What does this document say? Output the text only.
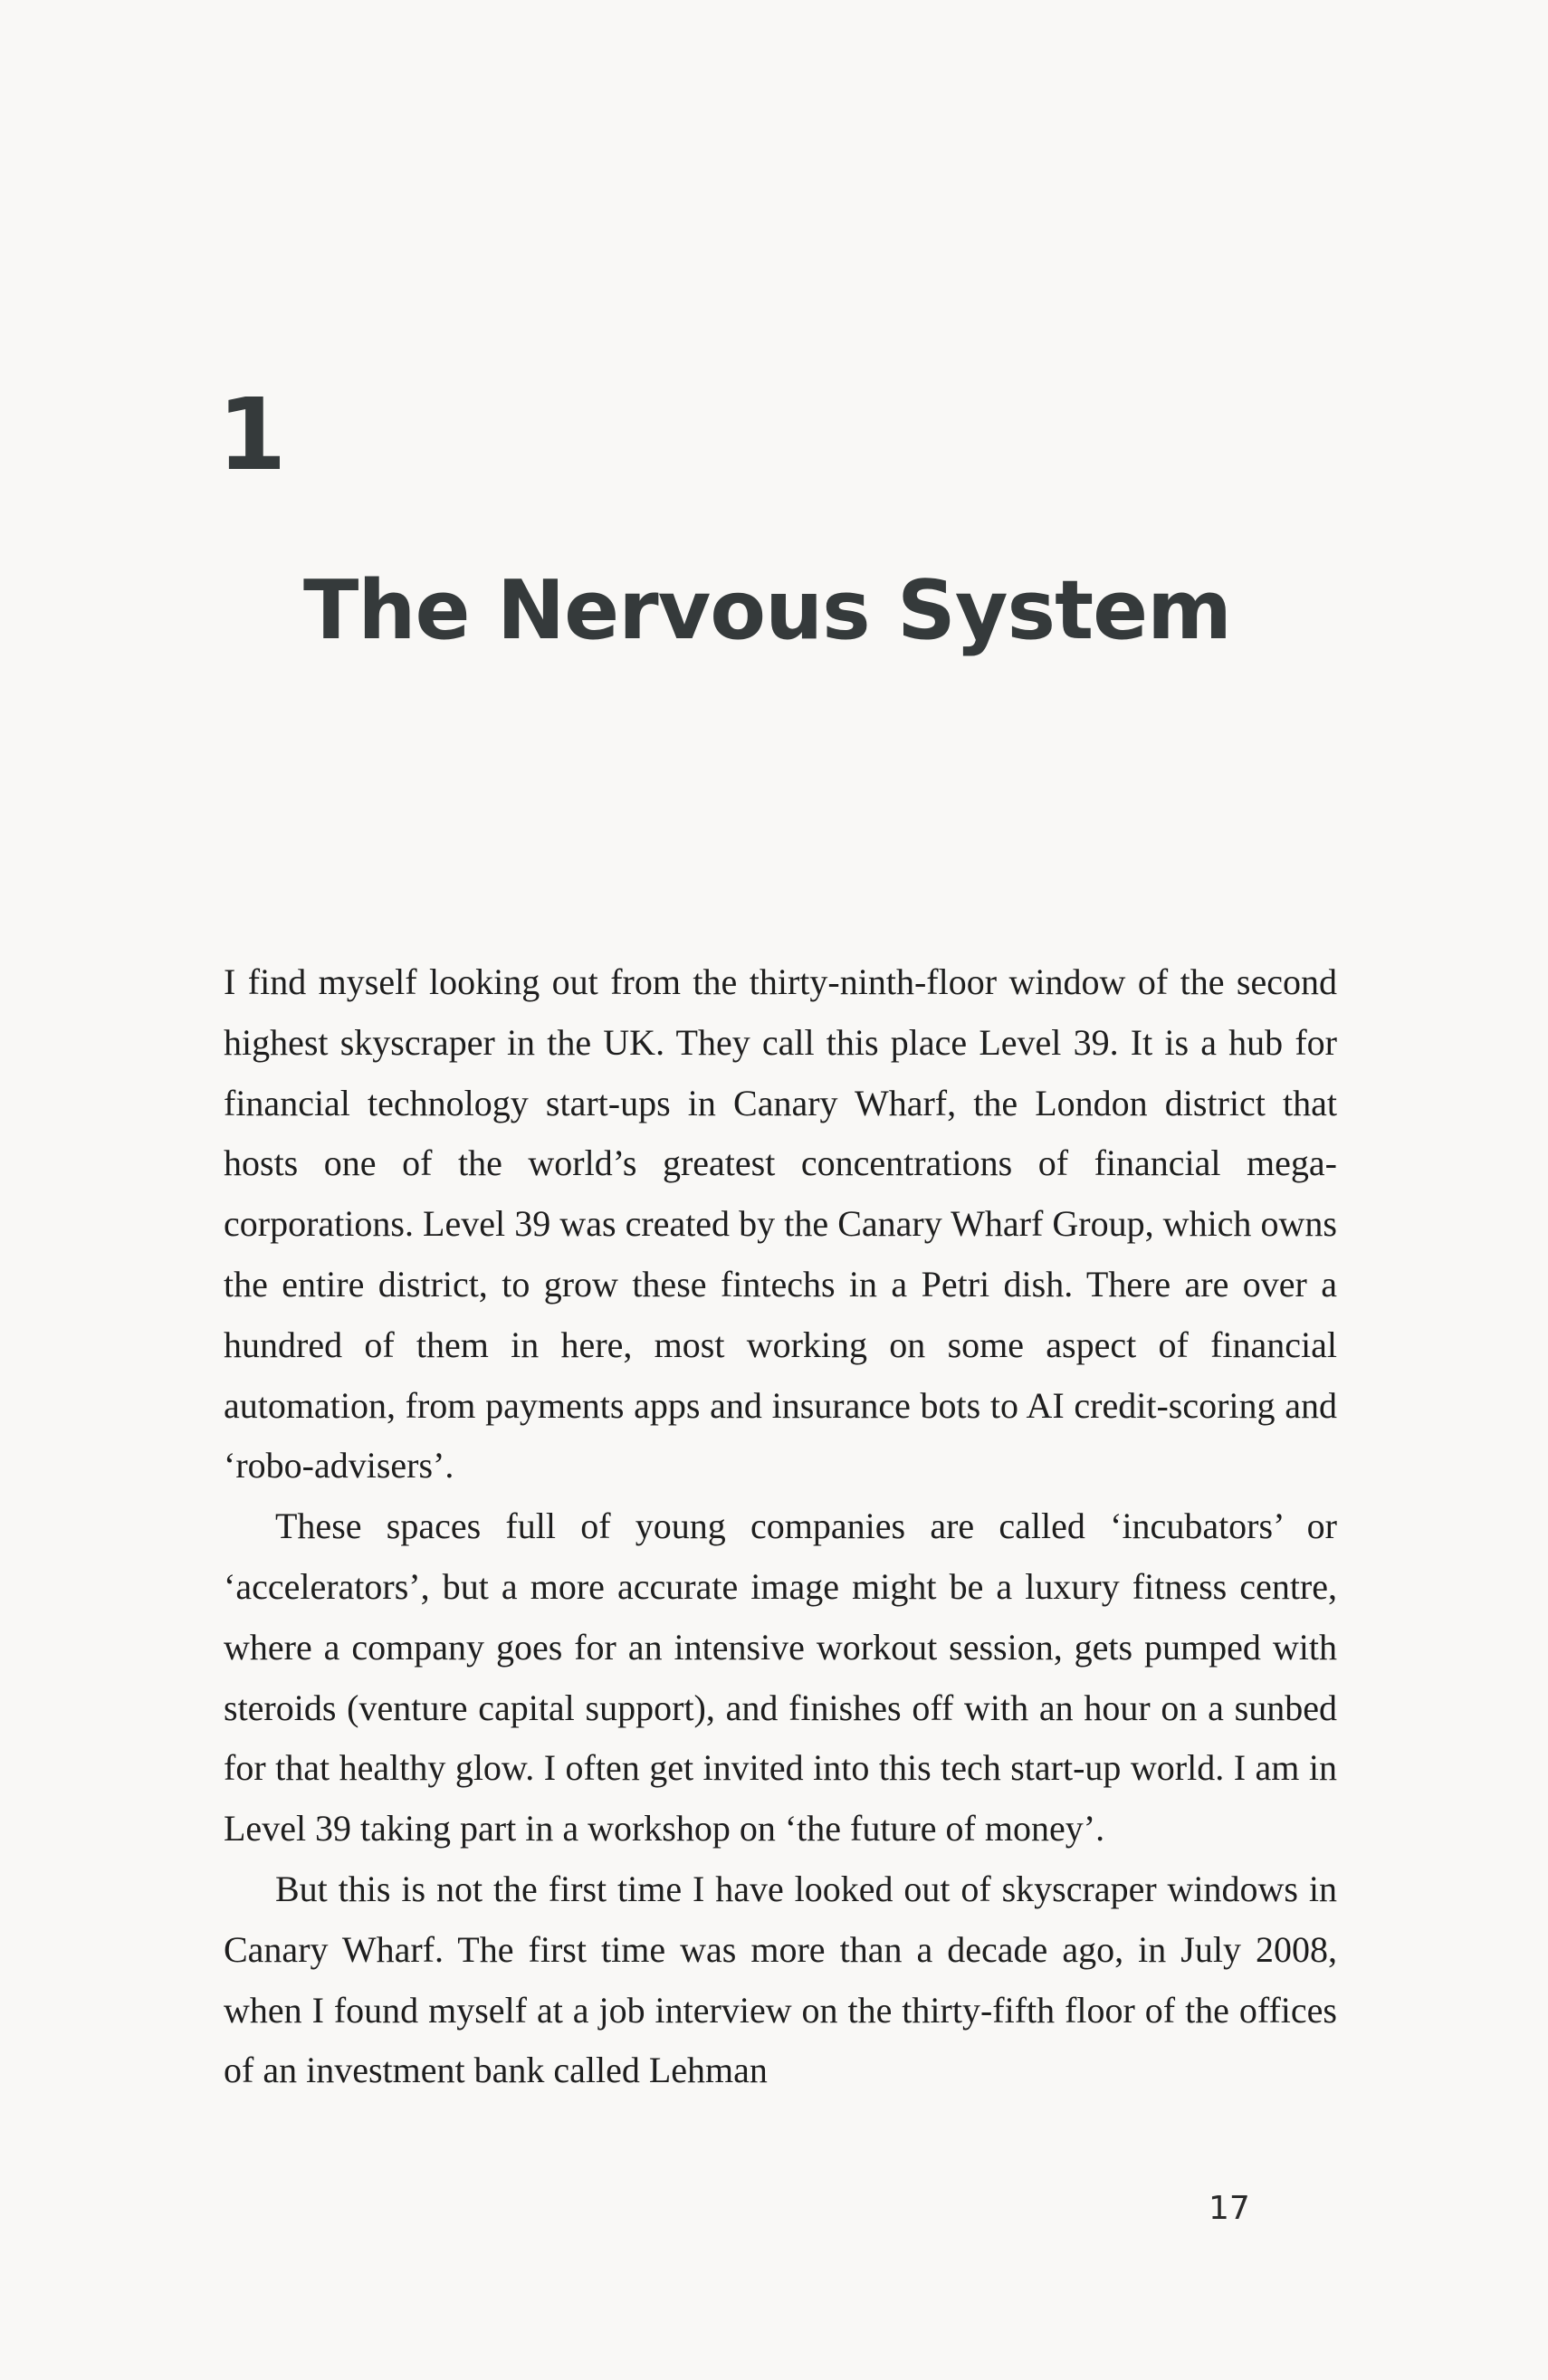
1
The Nervous System

I find myself looking out from the thirty-ninth-floor window of the second highest skyscraper in the UK. They call this place Level 39. It is a hub for financial technology start-ups in Canary Wharf, the London district that hosts one of the world’s greatest concentrations of financial mega-corporations. Level 39 was created by the Canary Wharf Group, which owns the entire district, to grow these fintechs in a Petri dish. There are over a hundred of them in here, most working on some aspect of financial automation, from payments apps and insurance bots to AI credit-scoring and ‘robo-advisers’.

These spaces full of young companies are called ‘incubators’ or ‘accelerators’, but a more accurate image might be a luxury fitness centre, where a company goes for an intensive workout session, gets pumped with steroids (venture capital support), and finishes off with an hour on a sunbed for that healthy glow. I often get invited into this tech start-up world. I am in Level 39 taking part in a workshop on ‘the future of money’.

But this is not the first time I have looked out of skyscraper windows in Canary Wharf. The first time was more than a decade ago, in July 2008, when I found myself at a job interview on the thirty-fifth floor of the offices of an investment bank called Lehman

17
